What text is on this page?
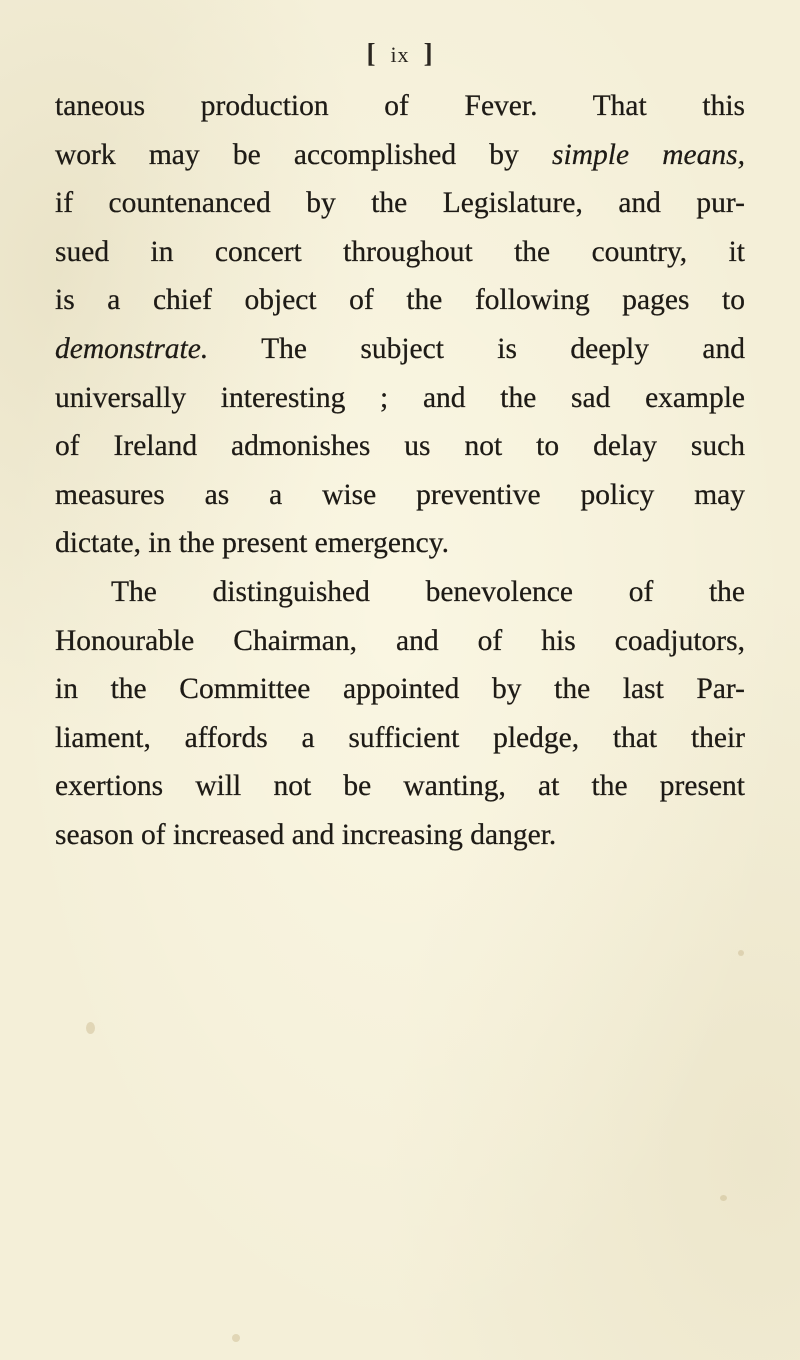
[ ix ]
taneous production of Fever. That this
work may be accomplished by simple means,
if countenanced by the Legislature, and pur-
sued in concert throughout the country, it
is a chief object of the following pages to
demonstrate. The subject is deeply and
universally interesting ; and the sad example
of Ireland admonishes us not to delay such
measures as a wise preventive policy may
dictate, in the present emergency.
The distinguished benevolence of the
Honourable Chairman, and of his coadjutors,
in the Committee appointed by the last Par-
liament, affords a sufficient pledge, that their
exertions will not be wanting, at the present
season of increased and increasing danger.
